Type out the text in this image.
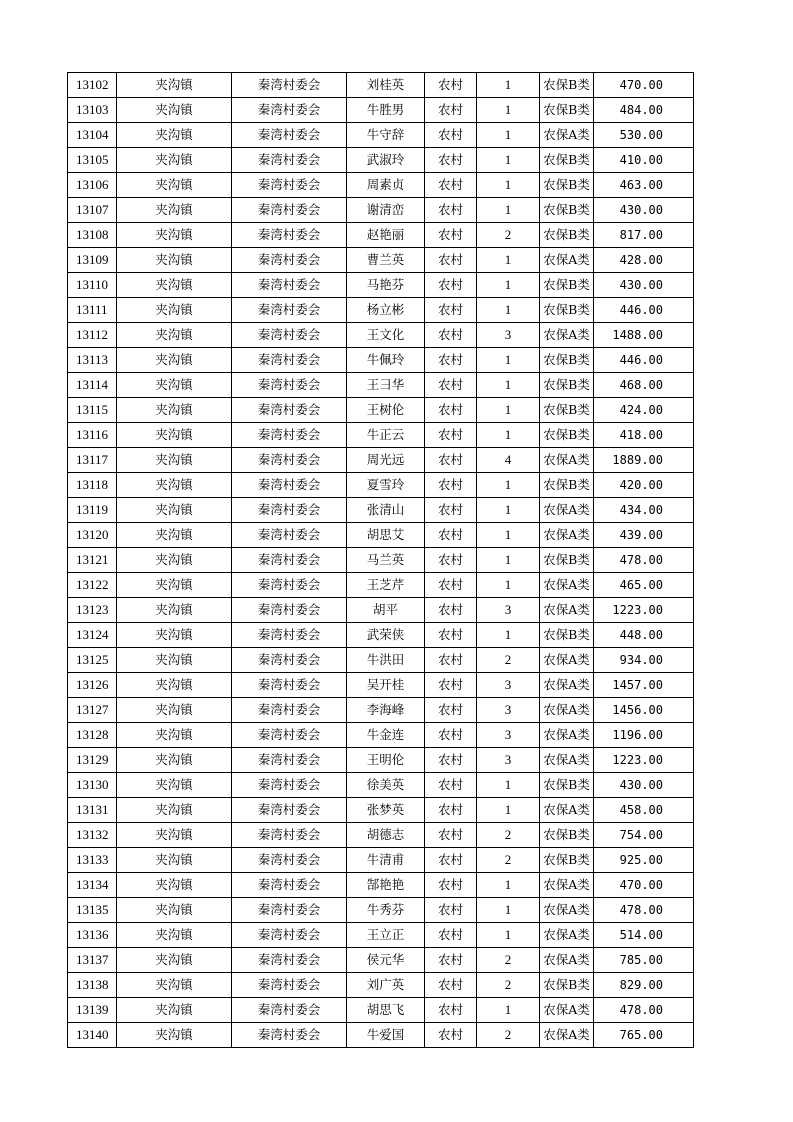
13102	夹沟镇	秦湾村委会	刘桂英	农村	1	农保B类	470.00
13103	夹沟镇	秦湾村委会	牛胜男	农村	1	农保B类	484.00
13104	夹沟镇	秦湾村委会	牛守辞	农村	1	农保A类	530.00
13105	夹沟镇	秦湾村委会	武淑玲	农村	1	农保B类	410.00
13106	夹沟镇	秦湾村委会	周素贞	农村	1	农保B类	463.00
13107	夹沟镇	秦湾村委会	谢清峦	农村	1	农保B类	430.00
13108	夹沟镇	秦湾村委会	赵艳丽	农村	2	农保B类	817.00
13109	夹沟镇	秦湾村委会	曹兰英	农村	1	农保A类	428.00
13110	夹沟镇	秦湾村委会	马艳芬	农村	1	农保B类	430.00
13111	夹沟镇	秦湾村委会	杨立彬	农村	1	农保B类	446.00
13112	夹沟镇	秦湾村委会	王文化	农村	3	农保A类	1488.00
13113	夹沟镇	秦湾村委会	牛佩玲	农村	1	农保B类	446.00
13114	夹沟镇	秦湾村委会	王彐华	农村	1	农保B类	468.00
13115	夹沟镇	秦湾村委会	王树伦	农村	1	农保B类	424.00
13116	夹沟镇	秦湾村委会	牛正云	农村	1	农保B类	418.00
13117	夹沟镇	秦湾村委会	周光远	农村	4	农保A类	1889.00
13118	夹沟镇	秦湾村委会	夏雪玲	农村	1	农保B类	420.00
13119	夹沟镇	秦湾村委会	张清山	农村	1	农保A类	434.00
13120	夹沟镇	秦湾村委会	胡思艾	农村	1	农保A类	439.00
13121	夹沟镇	秦湾村委会	马兰英	农村	1	农保B类	478.00
13122	夹沟镇	秦湾村委会	王芝芹	农村	1	农保A类	465.00
13123	夹沟镇	秦湾村委会	胡平	农村	3	农保A类	1223.00
13124	夹沟镇	秦湾村委会	武荣侠	农村	1	农保B类	448.00
13125	夹沟镇	秦湾村委会	牛洪田	农村	2	农保A类	934.00
13126	夹沟镇	秦湾村委会	吴开桂	农村	3	农保A类	1457.00
13127	夹沟镇	秦湾村委会	李海峰	农村	3	农保A类	1456.00
13128	夹沟镇	秦湾村委会	牛金连	农村	3	农保A类	1196.00
13129	夹沟镇	秦湾村委会	王明伦	农村	3	农保A类	1223.00
13130	夹沟镇	秦湾村委会	徐美英	农村	1	农保B类	430.00
13131	夹沟镇	秦湾村委会	张梦英	农村	1	农保A类	458.00
13132	夹沟镇	秦湾村委会	胡德志	农村	2	农保B类	754.00
13133	夹沟镇	秦湾村委会	牛清甫	农村	2	农保B类	925.00
13134	夹沟镇	秦湾村委会	郜艳艳	农村	1	农保A类	470.00
13135	夹沟镇	秦湾村委会	牛秀芬	农村	1	农保A类	478.00
13136	夹沟镇	秦湾村委会	王立正	农村	1	农保A类	514.00
13137	夹沟镇	秦湾村委会	侯元华	农村	2	农保A类	785.00
13138	夹沟镇	秦湾村委会	刘广英	农村	2	农保B类	829.00
13139	夹沟镇	秦湾村委会	胡思飞	农村	1	农保A类	478.00
13140	夹沟镇	秦湾村委会	牛爱国	农村	2	农保A类	765.00
